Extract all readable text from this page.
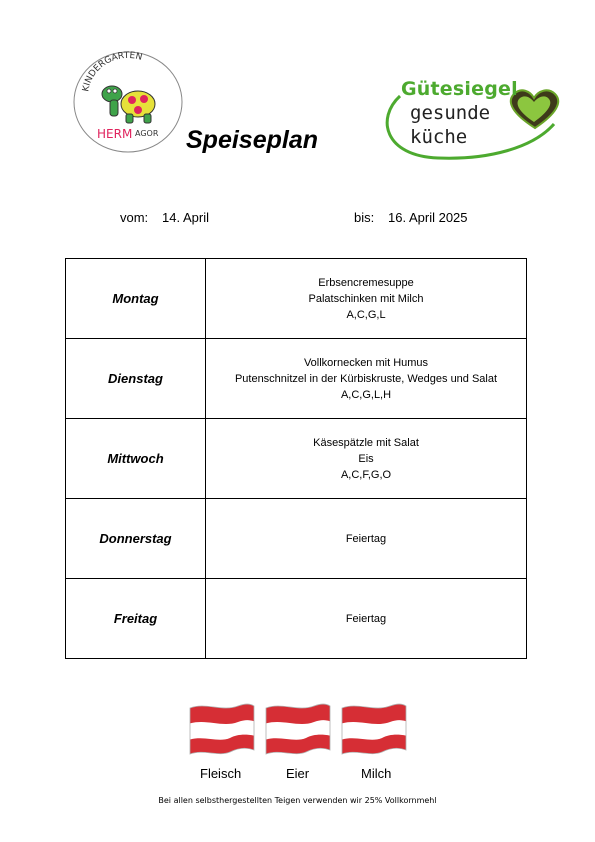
KINDERGARTEN
HERM AGOR Speiseplan
Gütesiegel
gesunde
küche
vom: 14. April	bis: 16. April 2025
Montag	Erbsencremesuppe
Palatschinken mit Milch
A,C,G,L

Dienstag	Vollkornecken mit Humus
Putenschnitzel in der Kürbiskruste, Wedges und Salat
A,C,G,L,H

Mittwoch	Käsespätzle mit Salat
Eis
A,C,F,G,O

Donnerstag	Feiertag

Freitag	Feiertag
Fleisch	Eier	Milch
Bei allen selbsthergestellten Teigen verwenden wir 25% Vollkornmehl
